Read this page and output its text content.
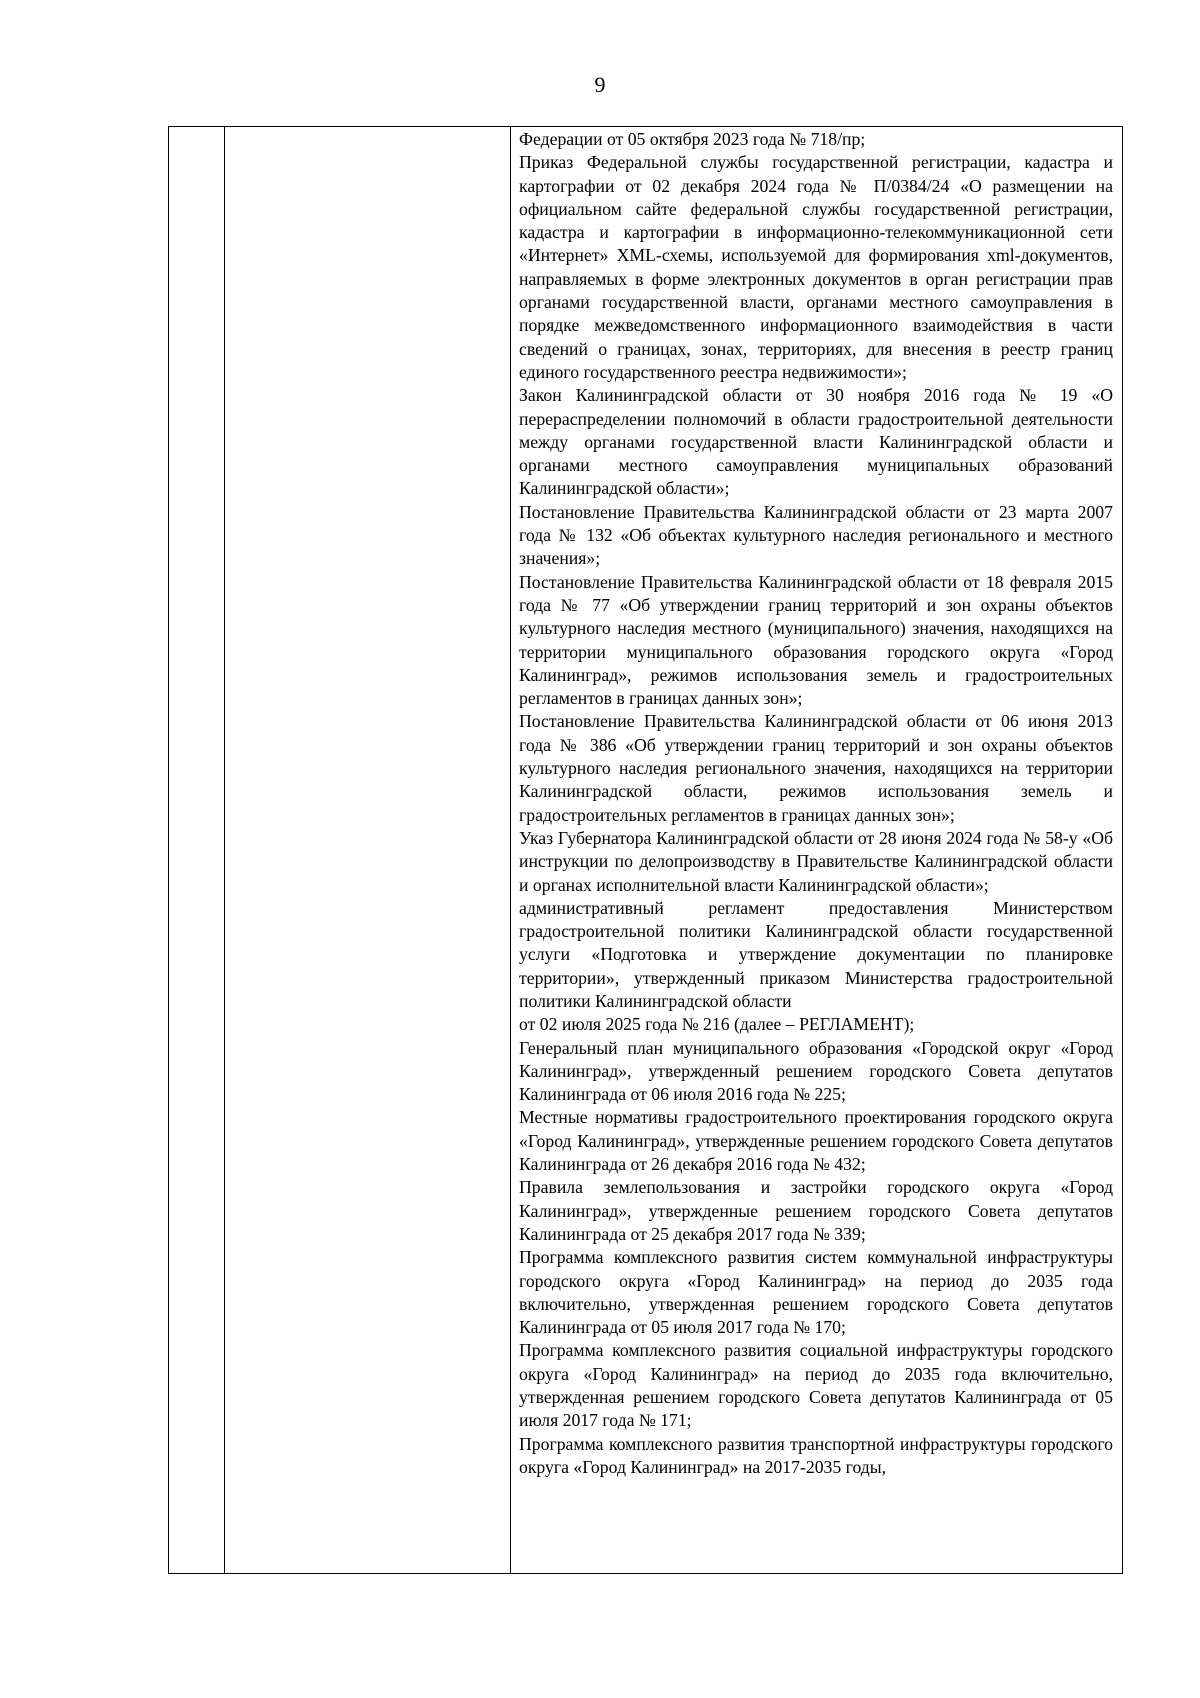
9

Федерации от 05 октября 2023 года № 718/пр;

Приказ Федеральной службы государственной регистрации, кадастра и картографии от 02 декабря 2024 года № П/0384/24 «О размещении на официальном сайте федеральной службы государственной регистрации, кадастра и картографии в информационно-телекоммуникационной сети «Интернет» XML-схемы, используемой для формирования xml-документов, направляемых в форме электронных документов в орган регистрации прав органами государственной власти, органами местного самоуправления в порядке межведомственного информационного взаимодействия в части сведений о границах, зонах, территориях, для внесения в реестр границ единого государственного реестра недвижимости»;

Закон Калининградской области от 30 ноября 2016 года № 19 «О перераспределении полномочий в области градостроительной деятельности между органами государственной власти Калининградской области и органами местного самоуправления муниципальных образований Калининградской области»;

Постановление Правительства Калининградской области от 23 марта 2007 года № 132 «Об объектах культурного наследия регионального и местного значения»;

Постановление Правительства Калининградской области от 18 февраля 2015 года № 77 «Об утверждении границ территорий и зон охраны объектов культурного наследия местного (муниципального) значения, находящихся на территории муниципального образования городского округа «Город Калининград», режимов использования земель и градостроительных регламентов в границах данных зон»;

Постановление Правительства Калининградской области от 06 июня 2013 года № 386 «Об утверждении границ территорий и зон охраны объектов культурного наследия регионального значения, находящихся на территории Калининградской области, режимов использования земель и градостроительных регламентов в границах данных зон»;

Указ Губернатора Калининградской области от 28 июня 2024 года № 58-у «Об инструкции по делопроизводству в Правительстве Калининградской области и органах исполнительной власти Калининградской области»;

административный регламент предоставления Министерством градостроительной политики Калининградской области государственной услуги «Подготовка и утверждение документации по планировке территории», утвержденный приказом Министерства градостроительной политики Калининградской области

от 02 июля 2025 года № 216 (далее – РЕГЛАМЕНТ);

Генеральный план муниципального образования «Городской округ «Город Калининград», утвержденный решением городского Совета депутатов Калининграда от 06 июля 2016 года № 225;

Местные нормативы градостроительного проектирования городского округа «Город Калининград», утвержденные решением городского Совета депутатов Калининграда от 26 декабря 2016 года № 432;

Правила землепользования и застройки городского округа «Город Калининград», утвержденные решением городского Совета депутатов Калининграда от 25 декабря 2017 года № 339;

Программа комплексного развития систем коммунальной инфраструктуры городского округа «Город Калининград» на период до 2035 года включительно, утвержденная решением городского Совета депутатов Калининграда от 05 июля 2017 года № 170;

Программа комплексного развития социальной инфраструктуры городского округа «Город Калининград» на период до 2035 года включительно, утвержденная решением городского Совета депутатов Калининграда от 05 июля 2017 года № 171;

Программа комплексного развития транспортной инфраструктуры городского округа «Город Калининград» на 2017-2035 годы,
